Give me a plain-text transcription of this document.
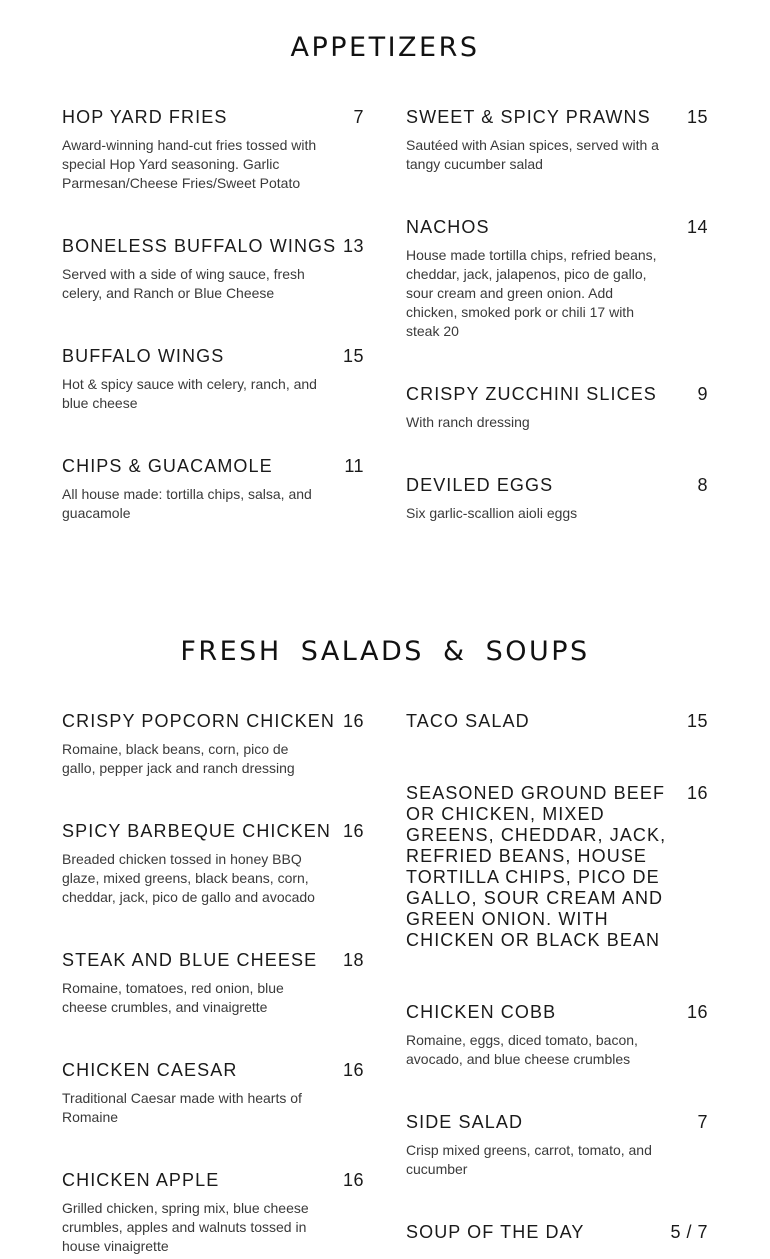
APPETIZERS
HOP YARD FRIES	7
Award-winning hand-cut fries tossed with special Hop Yard seasoning. Garlic Parmesan/Cheese Fries/Sweet Potato
BONELESS BUFFALO WINGS 13
Served with a side of wing sauce, fresh celery, and Ranch or Blue Cheese
BUFFALO WINGS	15
Hot & spicy sauce with celery, ranch, and blue cheese
CHIPS & GUACAMOLE	11
All house made: tortilla chips, salsa, and guacamole
SWEET & SPICY PRAWNS	15
Sautéed with Asian spices, served with a tangy cucumber salad
NACHOS	14
House made tortilla chips, refried beans, cheddar, jack, jalapenos, pico de gallo, sour cream and green onion. Add chicken, smoked pork or chili 17 with steak 20
CRISPY ZUCCHINI SLICES	9
With ranch dressing
DEVILED EGGS	8
Six garlic-scallion aioli eggs
FRESH SALADS & SOUPS
CRISPY POPCORN CHICKEN 16
Romaine, black beans, corn, pico de gallo, pepper jack and ranch dressing
SPICY BARBEQUE CHICKEN 16
Breaded chicken tossed in honey BBQ glaze, mixed greens, black beans, corn, cheddar, jack, pico de gallo and avocado
STEAK AND BLUE CHEESE	18
Romaine, tomatoes, red onion, blue cheese crumbles, and vinaigrette
CHICKEN CAESAR	16
Traditional Caesar made with hearts of Romaine
CHICKEN APPLE	16
Grilled chicken, spring mix, blue cheese crumbles, apples and walnuts tossed in house vinaigrette
TACO SALAD	15
SEASONED GROUND BEEF OR CHICKEN, MIXED GREENS, CHEDDAR, JACK, REFRIED BEANS, HOUSE TORTILLA CHIPS, PICO DE GALLO, SOUR CREAM AND GREEN ONION. WITH CHICKEN OR BLACK BEAN
16
CHICKEN COBB	16
Romaine, eggs, diced tomato, bacon, avocado, and blue cheese crumbles
SIDE SALAD	7
Crisp mixed greens, carrot, tomato, and cucumber
SOUP OF THE DAY	5 / 7
